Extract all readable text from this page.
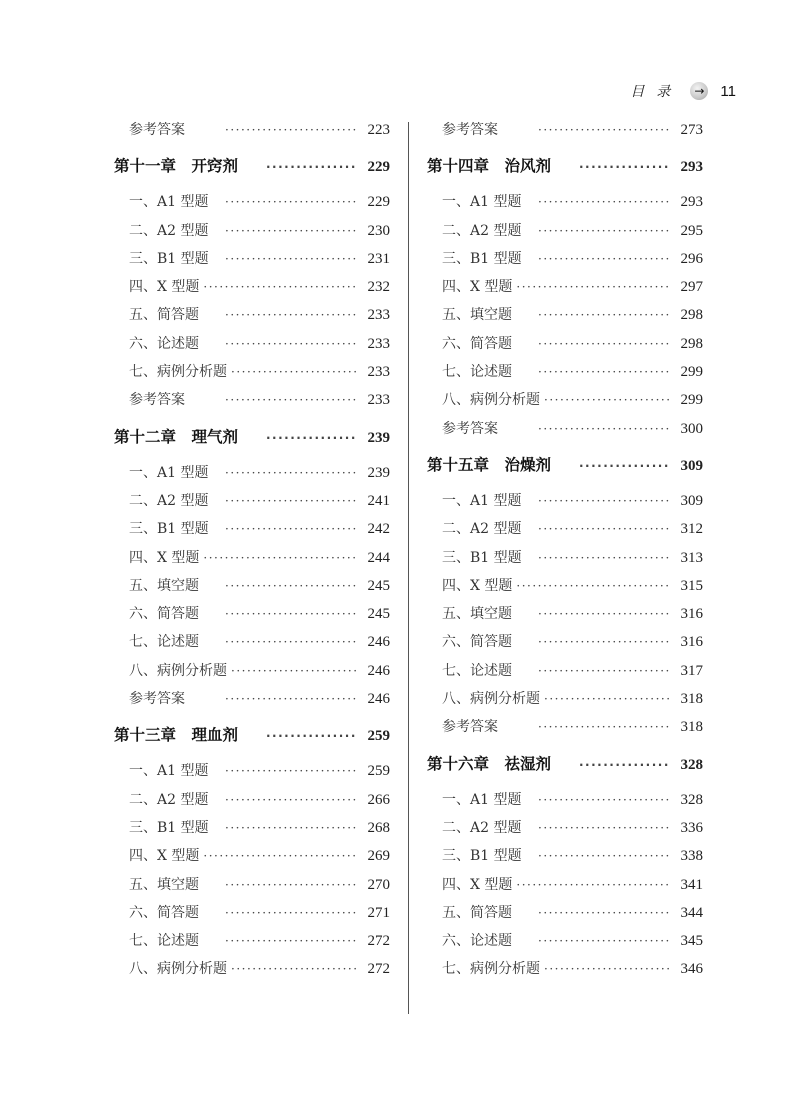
目录 → 11
参考答案 ·····	223
第十一章　开窍剂 ·····	229
一、A1 型题 ·····	229
二、A2 型题 ·····	230
三、B1 型题 ·····	231
四、X 型题 ·····	232
五、简答题 ·····	233
六、论述题 ·····	233
七、病例分析题 ·····	233
参考答案 ·····	233
第十二章　理气剂 ·····	239
一、A1 型题 ·····	239
二、A2 型题 ·····	241
三、B1 型题 ·····	242
四、X 型题 ·····	244
五、填空题 ·····	245
六、简答题 ·····	245
七、论述题 ·····	246
八、病例分析题 ·····	246
参考答案 ·····	246
第十三章　理血剂 ·····	259
一、A1 型题 ·····	259
二、A2 型题 ·····	266
三、B1 型题 ·····	268
四、X 型题 ·····	269
五、填空题 ·····	270
六、简答题 ·····	271
七、论述题 ·····	272
八、病例分析题 ·····	272
参考答案 ·····	273
第十四章　治风剂 ·····	293
一、A1 型题 ·····	293
二、A2 型题 ·····	295
三、B1 型题 ·····	296
四、X 型题 ·····	297
五、填空题 ·····	298
六、简答题 ·····	298
七、论述题 ·····	299
八、病例分析题 ·····	299
参考答案 ·····	300
第十五章　治燥剂 ·····	309
一、A1 型题 ·····	309
二、A2 型题 ·····	312
三、B1 型题 ·····	313
四、X 型题 ·····	315
五、填空题 ·····	316
六、简答题 ·····	316
七、论述题 ·····	317
八、病例分析题 ·····	318
参考答案 ·····	318
第十六章　祛湿剂 ·····	328
一、A1 型题 ·····	328
二、A2 型题 ·····	336
三、B1 型题 ·····	338
四、X 型题 ·····	341
五、简答题 ·····	344
六、论述题 ·····	345
七、病例分析题 ·····	346
